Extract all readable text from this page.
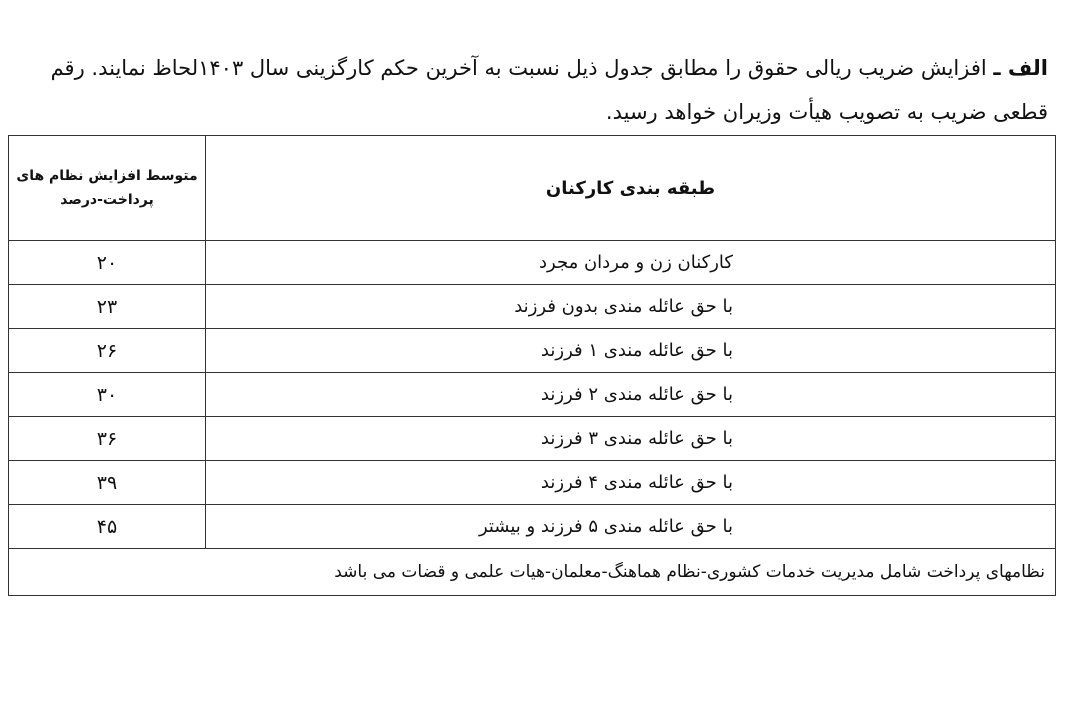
الف ـ افزایش ضریب ریالی حقوق را مطابق جدول ذیل نسبت به آخرین حکم کارگزینی سال ۱۴۰۳لحاظ نمایند. رقم
قطعی ضریب به تصویب هیأت وزیران خواهد رسید.
طبقه بندی کارکنان	متوسط افزایش نظام های
پرداخت-درصد

کارکنان زن و مردان مجرد	۲۰
با حق عائله مندی بدون فرزند	۲۳
با حق عائله مندی ۱ فرزند	۲۶
با حق عائله مندی ۲ فرزند	۳۰
با حق عائله مندی ۳ فرزند	۳۶
با حق عائله مندی ۴ فرزند	۳۹
با حق عائله مندی ۵ فرزند و بیشتر	۴۵
نظامهای پرداخت شامل مدیریت خدمات کشوری-نظام هماهنگ-معلمان-هیات علمی و قضات می باشد	
